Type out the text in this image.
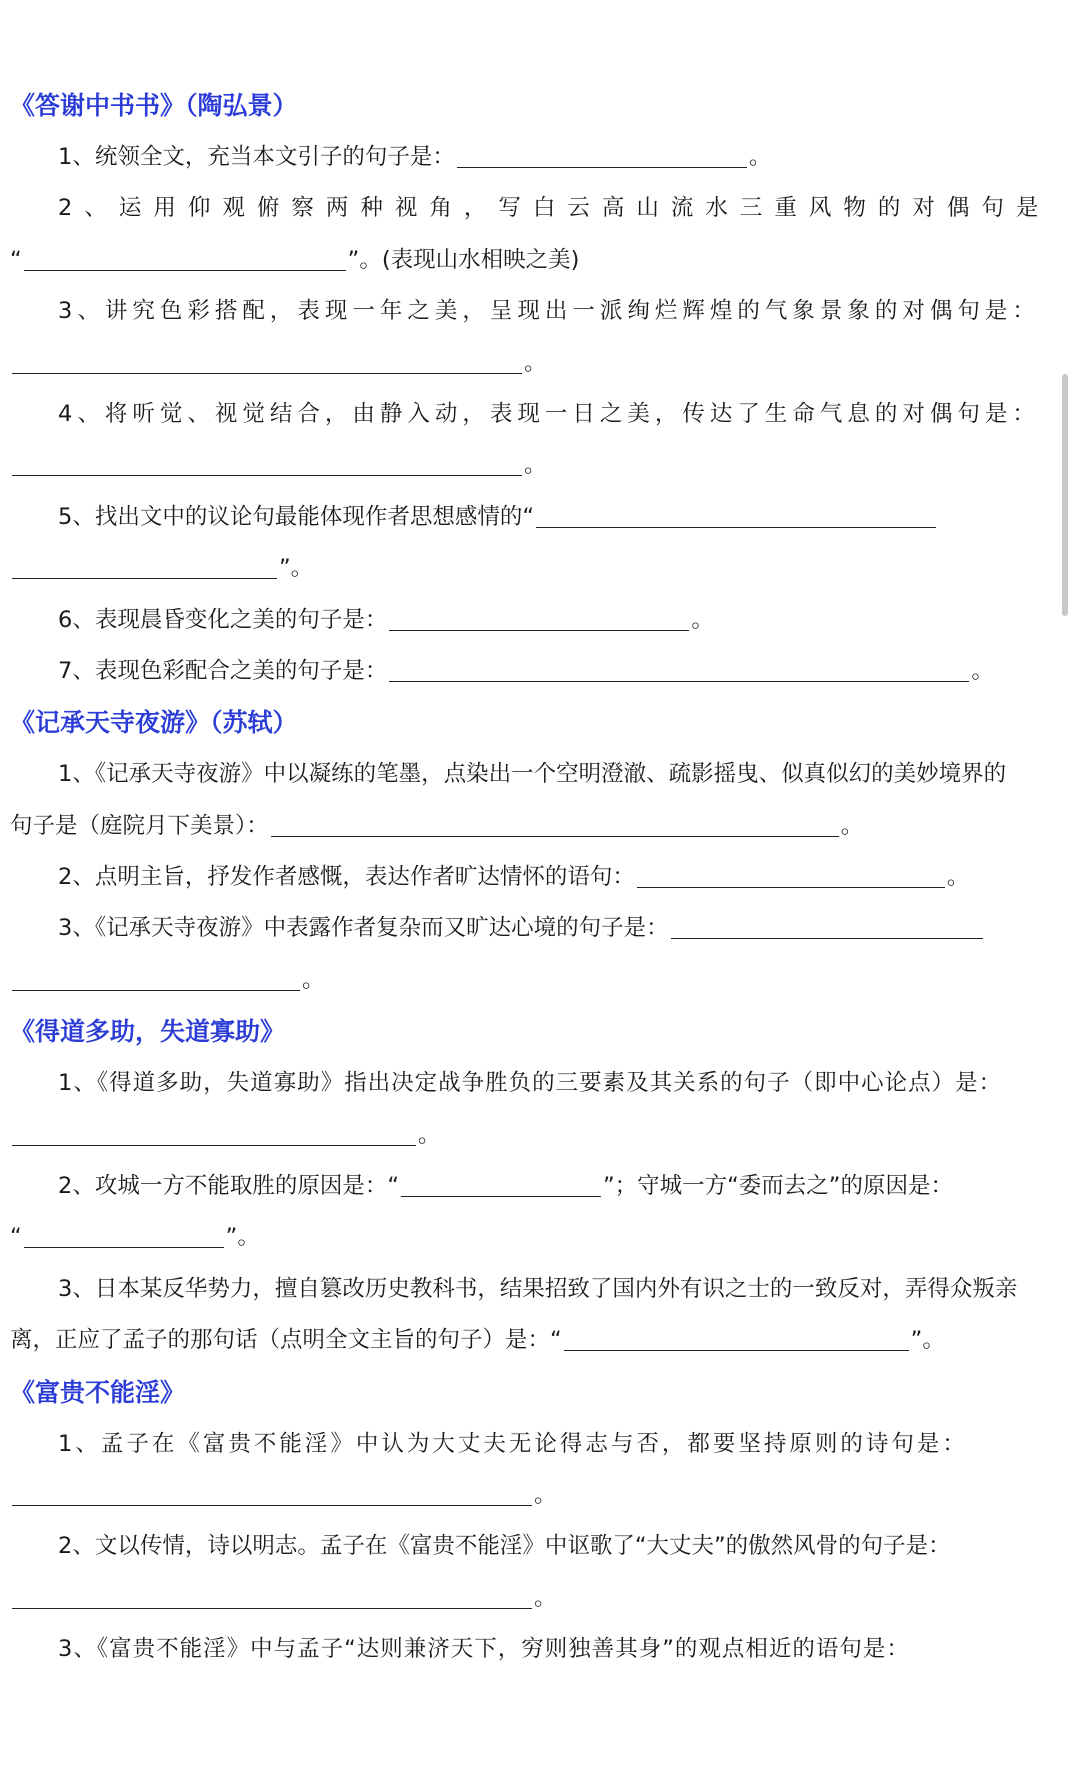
《答谢中书书》（陶弘景）
1、统领全文，充当本文引子的句子是：	。
2、运用仰观俯察两种视角，写白云高山流水三重风物的对偶句是
“	”。(表现山水相映之美)
3、讲究色彩搭配，表现一年之美，呈现出一派绚烂辉煌的气象景象的对偶句是：
。
4、将听觉、视觉结合，由静入动，表现一日之美，传达了生命气息的对偶句是：
。
5、找出文中的议论句最能体现作者思想感情的“
”。
6、表现晨昏变化之美的句子是：	。
7、表现色彩配合之美的句子是：	。
《记承天寺夜游》（苏轼）
1、《记承天寺夜游》中以凝练的笔墨，点染出一个空明澄澈、疏影摇曳、似真似幻的美妙境界的
句子是（庭院月下美景）：	。
2、点明主旨，抒发作者感慨，表达作者旷达情怀的语句：	。
3、《记承天寺夜游》中表露作者复杂而又旷达心境的句子是：
。
《得道多助，失道寡助》
1、《得道多助，失道寡助》指出决定战争胜负的三要素及其关系的句子（即中心论点）是：
。
2、攻城一方不能取胜的原因是：“	”；守城一方“委而去之”的原因是：
“	”。
3、日本某反华势力，擅自篡改历史教科书，结果招致了国内外有识之士的一致反对，弄得众叛亲
离，正应了孟子的那句话（点明全文主旨的句子）是：“	”。
《富贵不能淫》
1、孟子在《富贵不能淫》中认为大丈夫无论得志与否，都要坚持原则的诗句是：
。
2、文以传情，诗以明志。孟子在《富贵不能淫》中讴歌了“大丈夫”的傲然风骨的句子是：
。
3、《富贵不能淫》中与孟子“达则兼济天下，穷则独善其身”的观点相近的语句是：
